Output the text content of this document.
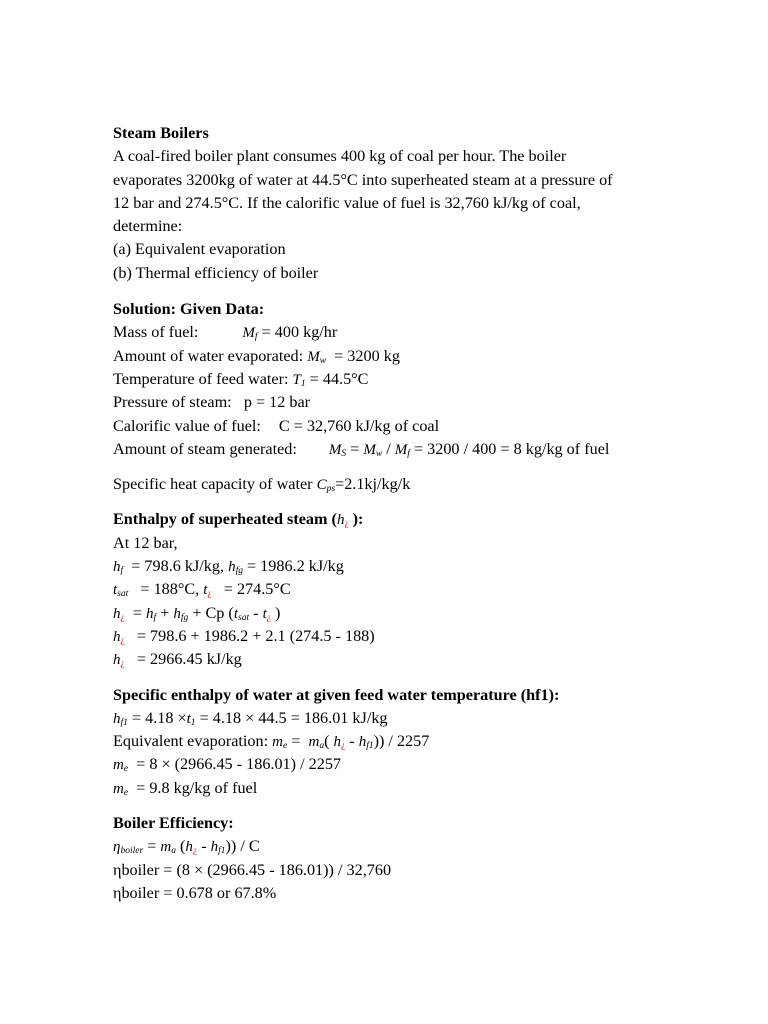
Steam Boilers
A coal-fired boiler plant consumes 400 kg of coal per hour. The boiler
evaporates 3200kg of water at 44.5°C into superheated steam at a pressure of
12 bar and 274.5°C. If the calorific value of fuel is 32,760 kJ/kg of coal,
determine:
(a) Equivalent evaporation
(b) Thermal efficiency of boiler
Solution: Given Data:
Mass of fuel:	$M_f = 400$ kg/hr
Amount of water evaporated: $M_w = 3200$ kg
Temperature of feed water: $T_1 = 44.5^\circ C$
Pressure of steam: p = 12 bar
Calorific value of fuel: C = 32,760 kJ/kg of coal
Amount of steam generated: $M_S = M_w / M_f = 3200 / 400 = 8$ kg/kg of fuel
Specific heat capacity of water $C_{ps}=2.1kj/kg/k$
Enthalpy of superheated steam ($h_¿$ ):
At 12 bar,
$h_f = 798.6$ kJ/kg, $h_{fg} = 1986.2$ kJ/kg
$t_{sat} = 188^\circ C$, $t_¿ = 274.5^\circ C$
$h_¿ = h_f + h_{fg} + Cp$ ($t_{sat} - t_¿$ )
$h_¿ = 798.6 + 1986.2 + 2.1$ (274.5 - 188)
$h_¿ = 2966.45$ kJ/kg
Specific enthalpy of water at given feed water temperature (hf1):
$h_{f1} = 4.18 \times t_1 = 4.18 \times 44.5 = 186.01$ kJ/kg
Equivalent evaporation: $m_e = m_a$( $h_¿ - h_{f1})) / 2257$
$m_e = 8 \times (2966.45 - 186.01) / 2257$
$m_e = 9.8$ kg/kg of fuel
Boiler Efficiency:
$\eta_{boiler} = m_a$ $(h_¿ - h_{f1})$) / C
ηboiler = (8 × (2966.45 - 186.01)) / 32,760
ηboiler = 0.678 or 67.8%
